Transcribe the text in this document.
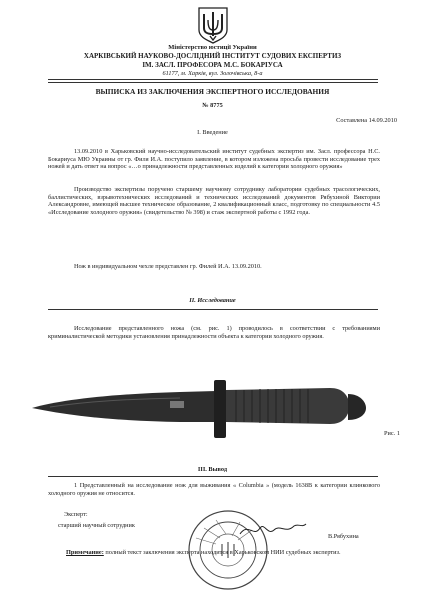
Міністерство юстиції України
ХАРКІВСЬКИЙ НАУКОВО-ДОСЛІДНИЙ ІНСТИТУТ СУДОВИХ ЕКСПЕРТИЗ
ІМ. ЗАСЛ. ПРОФЕСОРА М.С. БОКАРІУСА
61177, м. Харків, вул. Золочівська, 8-а
ВЫПИСКА ИЗ ЗАКЛЮЧЕНИЯ ЭКСПЕРТНОГО ИССЛЕДОВАНИЯ
№ 8775
Составлена 14.09.2010
І. Введение
13.09.2010 в Харьковский научно-исследовательский институт судебных экспертиз им. Засл. профессора Н.С. Бокариуса МЮ Украины от гр. Филя И.А. поступило заявление, в котором изложена просьба провести исследование трех ножей и дать ответ на вопрос «…о принадлежности представленных изделий к категории холодного оружия»
Производство экспертизы поручено старшему научному сотруднику лаборатории судебных трасологических, баллистических, взрывотехнических исследований и технических исследований документов Рябухиной Виктории Александровне, имеющей высшее техническое образование, 2 квалификационный класс, подготовку по специальности 4.5 «Исследование холодного оружия» (свидетельство № 398) и стаж экспертной работы с 1992 года.
Нож в индивидуальном чехле представлен гр. Филей И.А. 13.09.2010.
II. Исследование
Исследование представленного ножа (см. рис. 1) проводилось в соответствии с требованиями криминалистической методики установления принадлежности объекта к категории холодного оружия.
Рис. 1
III. Вывод
1 Представленный на исследование нож для выживания « Columbia » (модель 1638В к категории клинкового холодного оружия не относится.
Эксперт:
старший научный сотрудник
В.Рябухина
Примечание: полный текст заключения эксперта находится в Харьковском НИИ судебных экспертиз.
